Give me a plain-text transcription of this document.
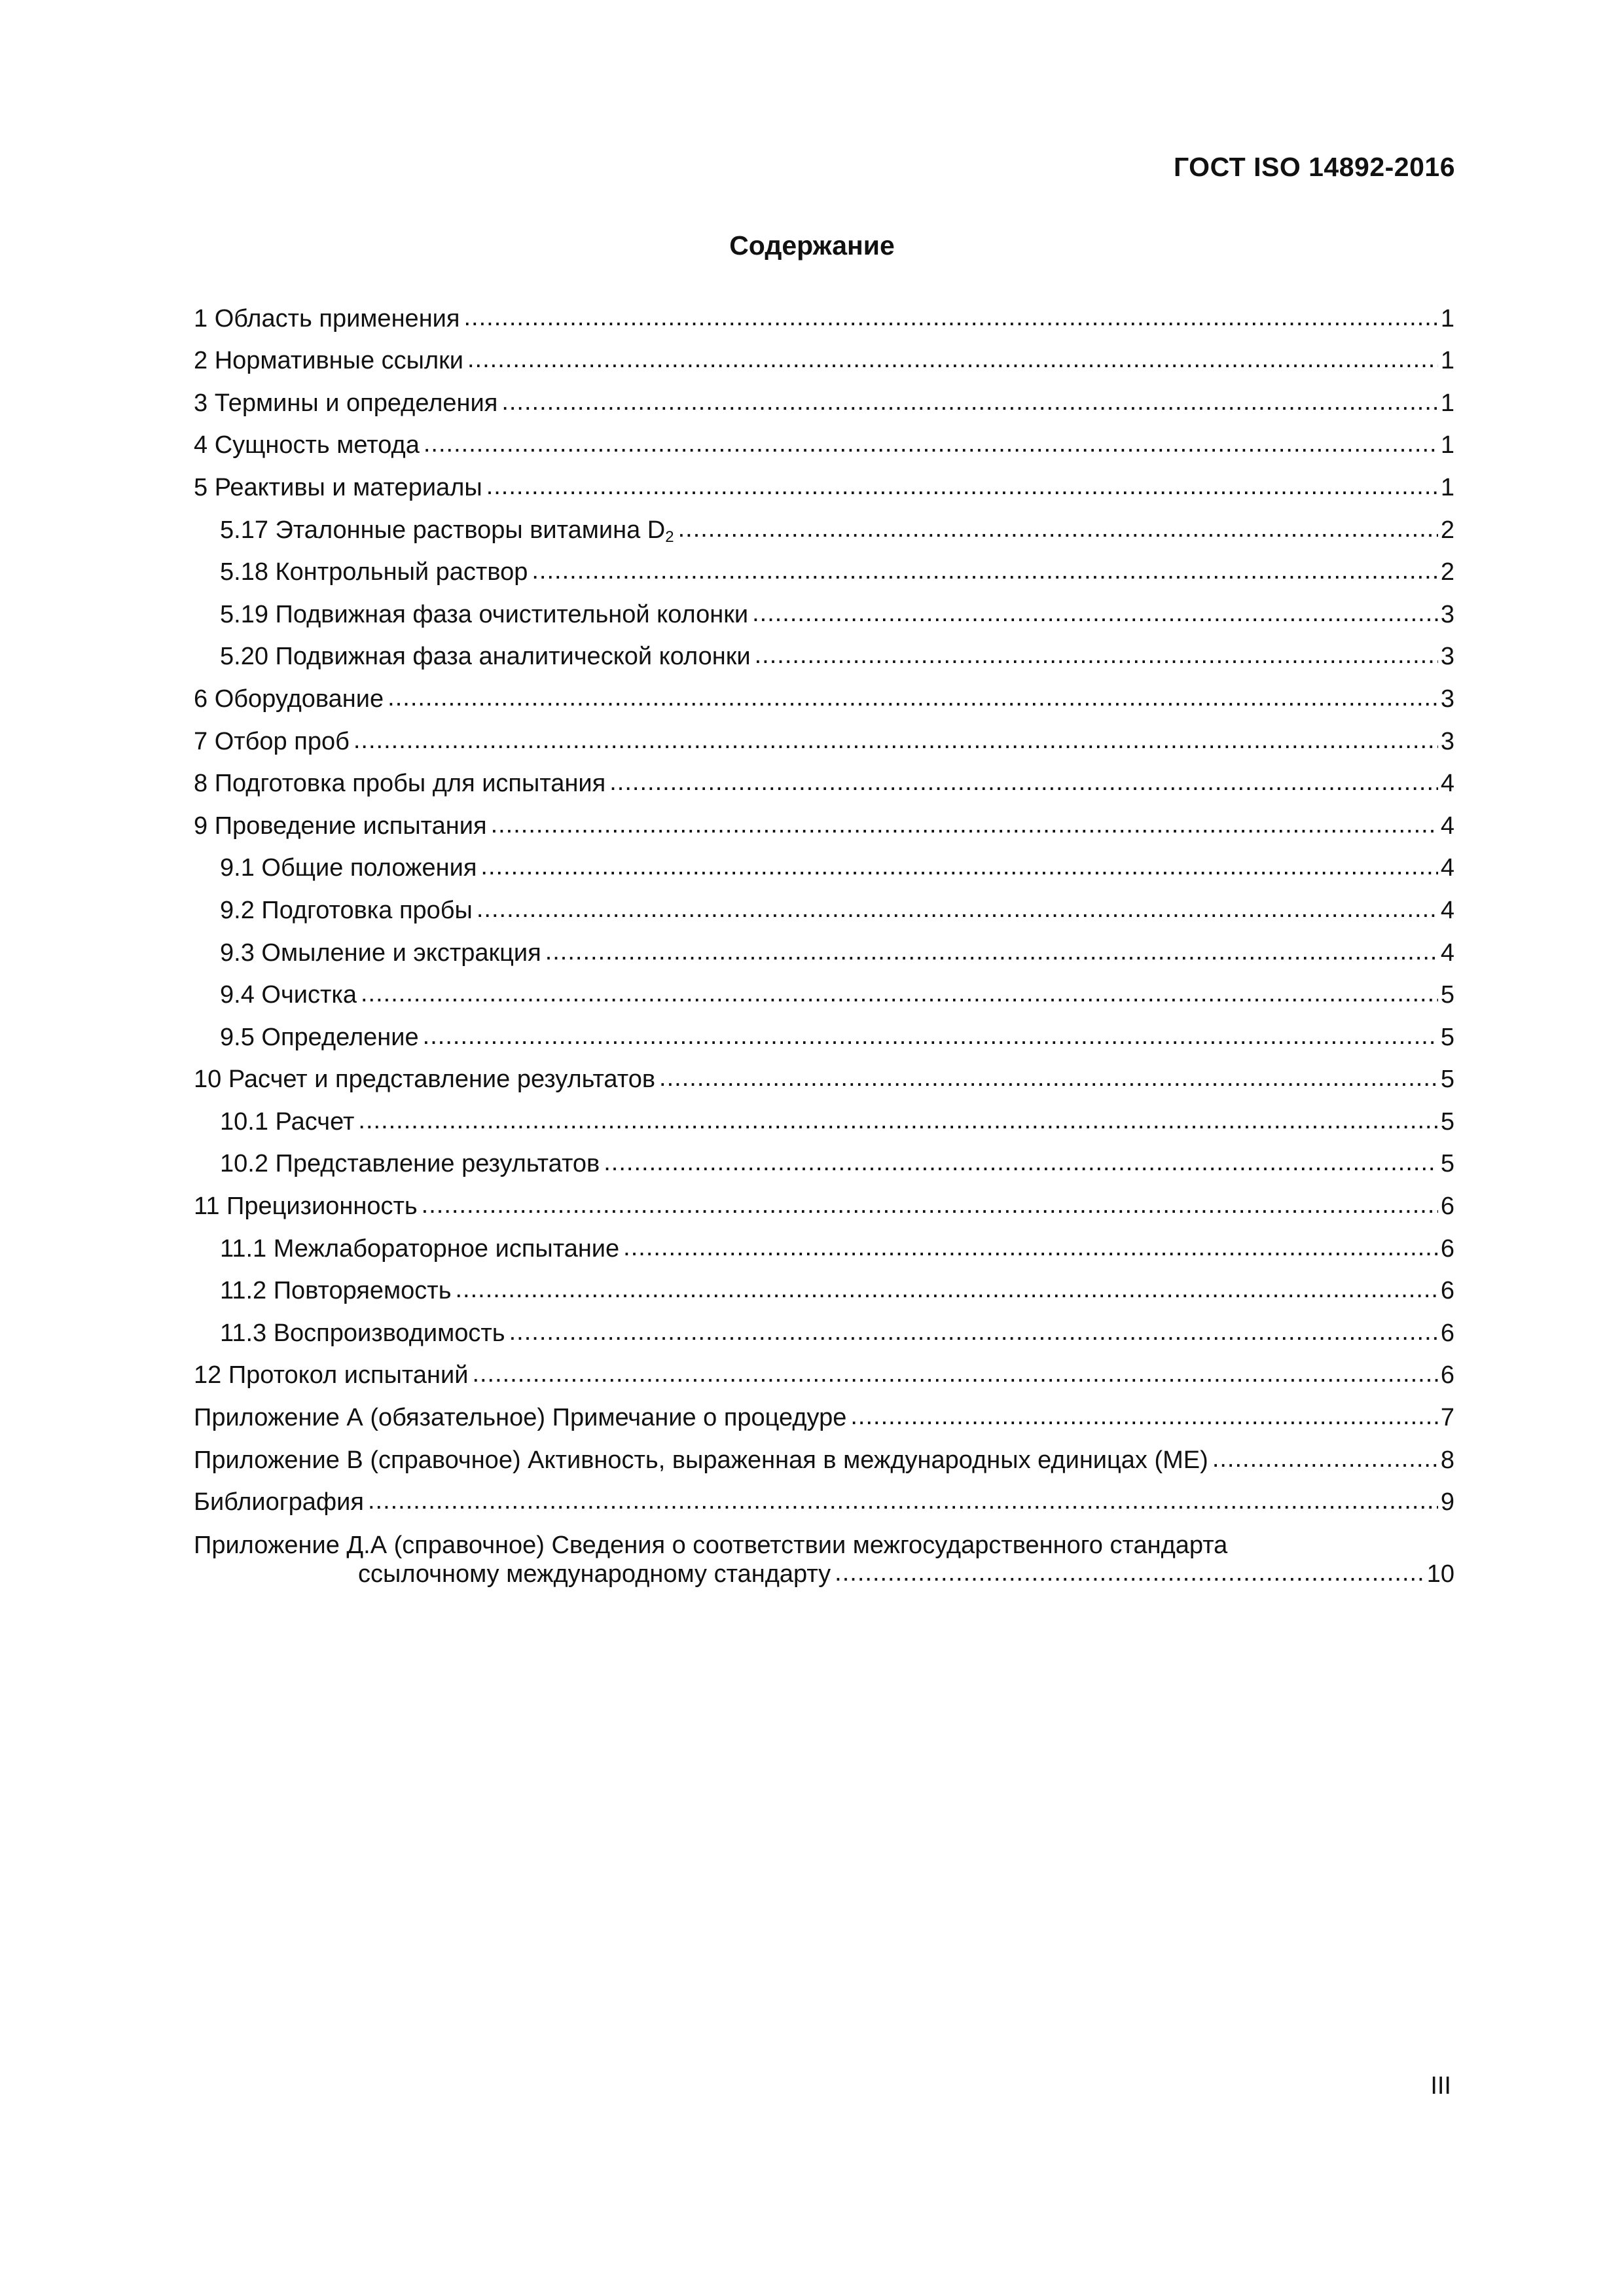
ГОСТ ISO 14892-2016
Содержание
1 Область применения .....	1
2 Нормативные ссылки .....	1
3 Термины и определения .....	1
4 Сущность метода .....	1
5 Реактивы и материалы .....	1
5.17 Эталонные растворы витамина $D_2$ .....	2
5.18 Контрольный раствор .....	2
5.19 Подвижная фаза очистительной колонки .....	3
5.20 Подвижная фаза аналитической колонки .....	3
6 Оборудование .....	3
7 Отбор проб .....	3
8 Подготовка пробы для испытания .....	4
9 Проведение испытания .....	4
9.1 Общие положения .....	4
9.2 Подготовка пробы .....	4
9.3 Омыление и экстракция .....	4
9.4 Очистка .....	5
9.5 Определение .....	5
10 Расчет и представление результатов .....	5
10.1 Расчет .....	5
10.2 Представление результатов .....	5
11 Прецизионность .....	6
11.1 Межлабораторное испытание .....	6
11.2 Повторяемость .....	6
11.3 Воспроизводимость .....	6
12 Протокол испытаний .....	6
Приложение А (обязательное) Примечание о процедуре .....	7
Приложение В (справочное) Активность, выраженная в международных единицах (МЕ) .....	8
Библиография .....	9
Приложение Д.А (справочное) Сведения о соответствии межгосударственного стандарта
ссылочному международному стандарту .....	10
III
